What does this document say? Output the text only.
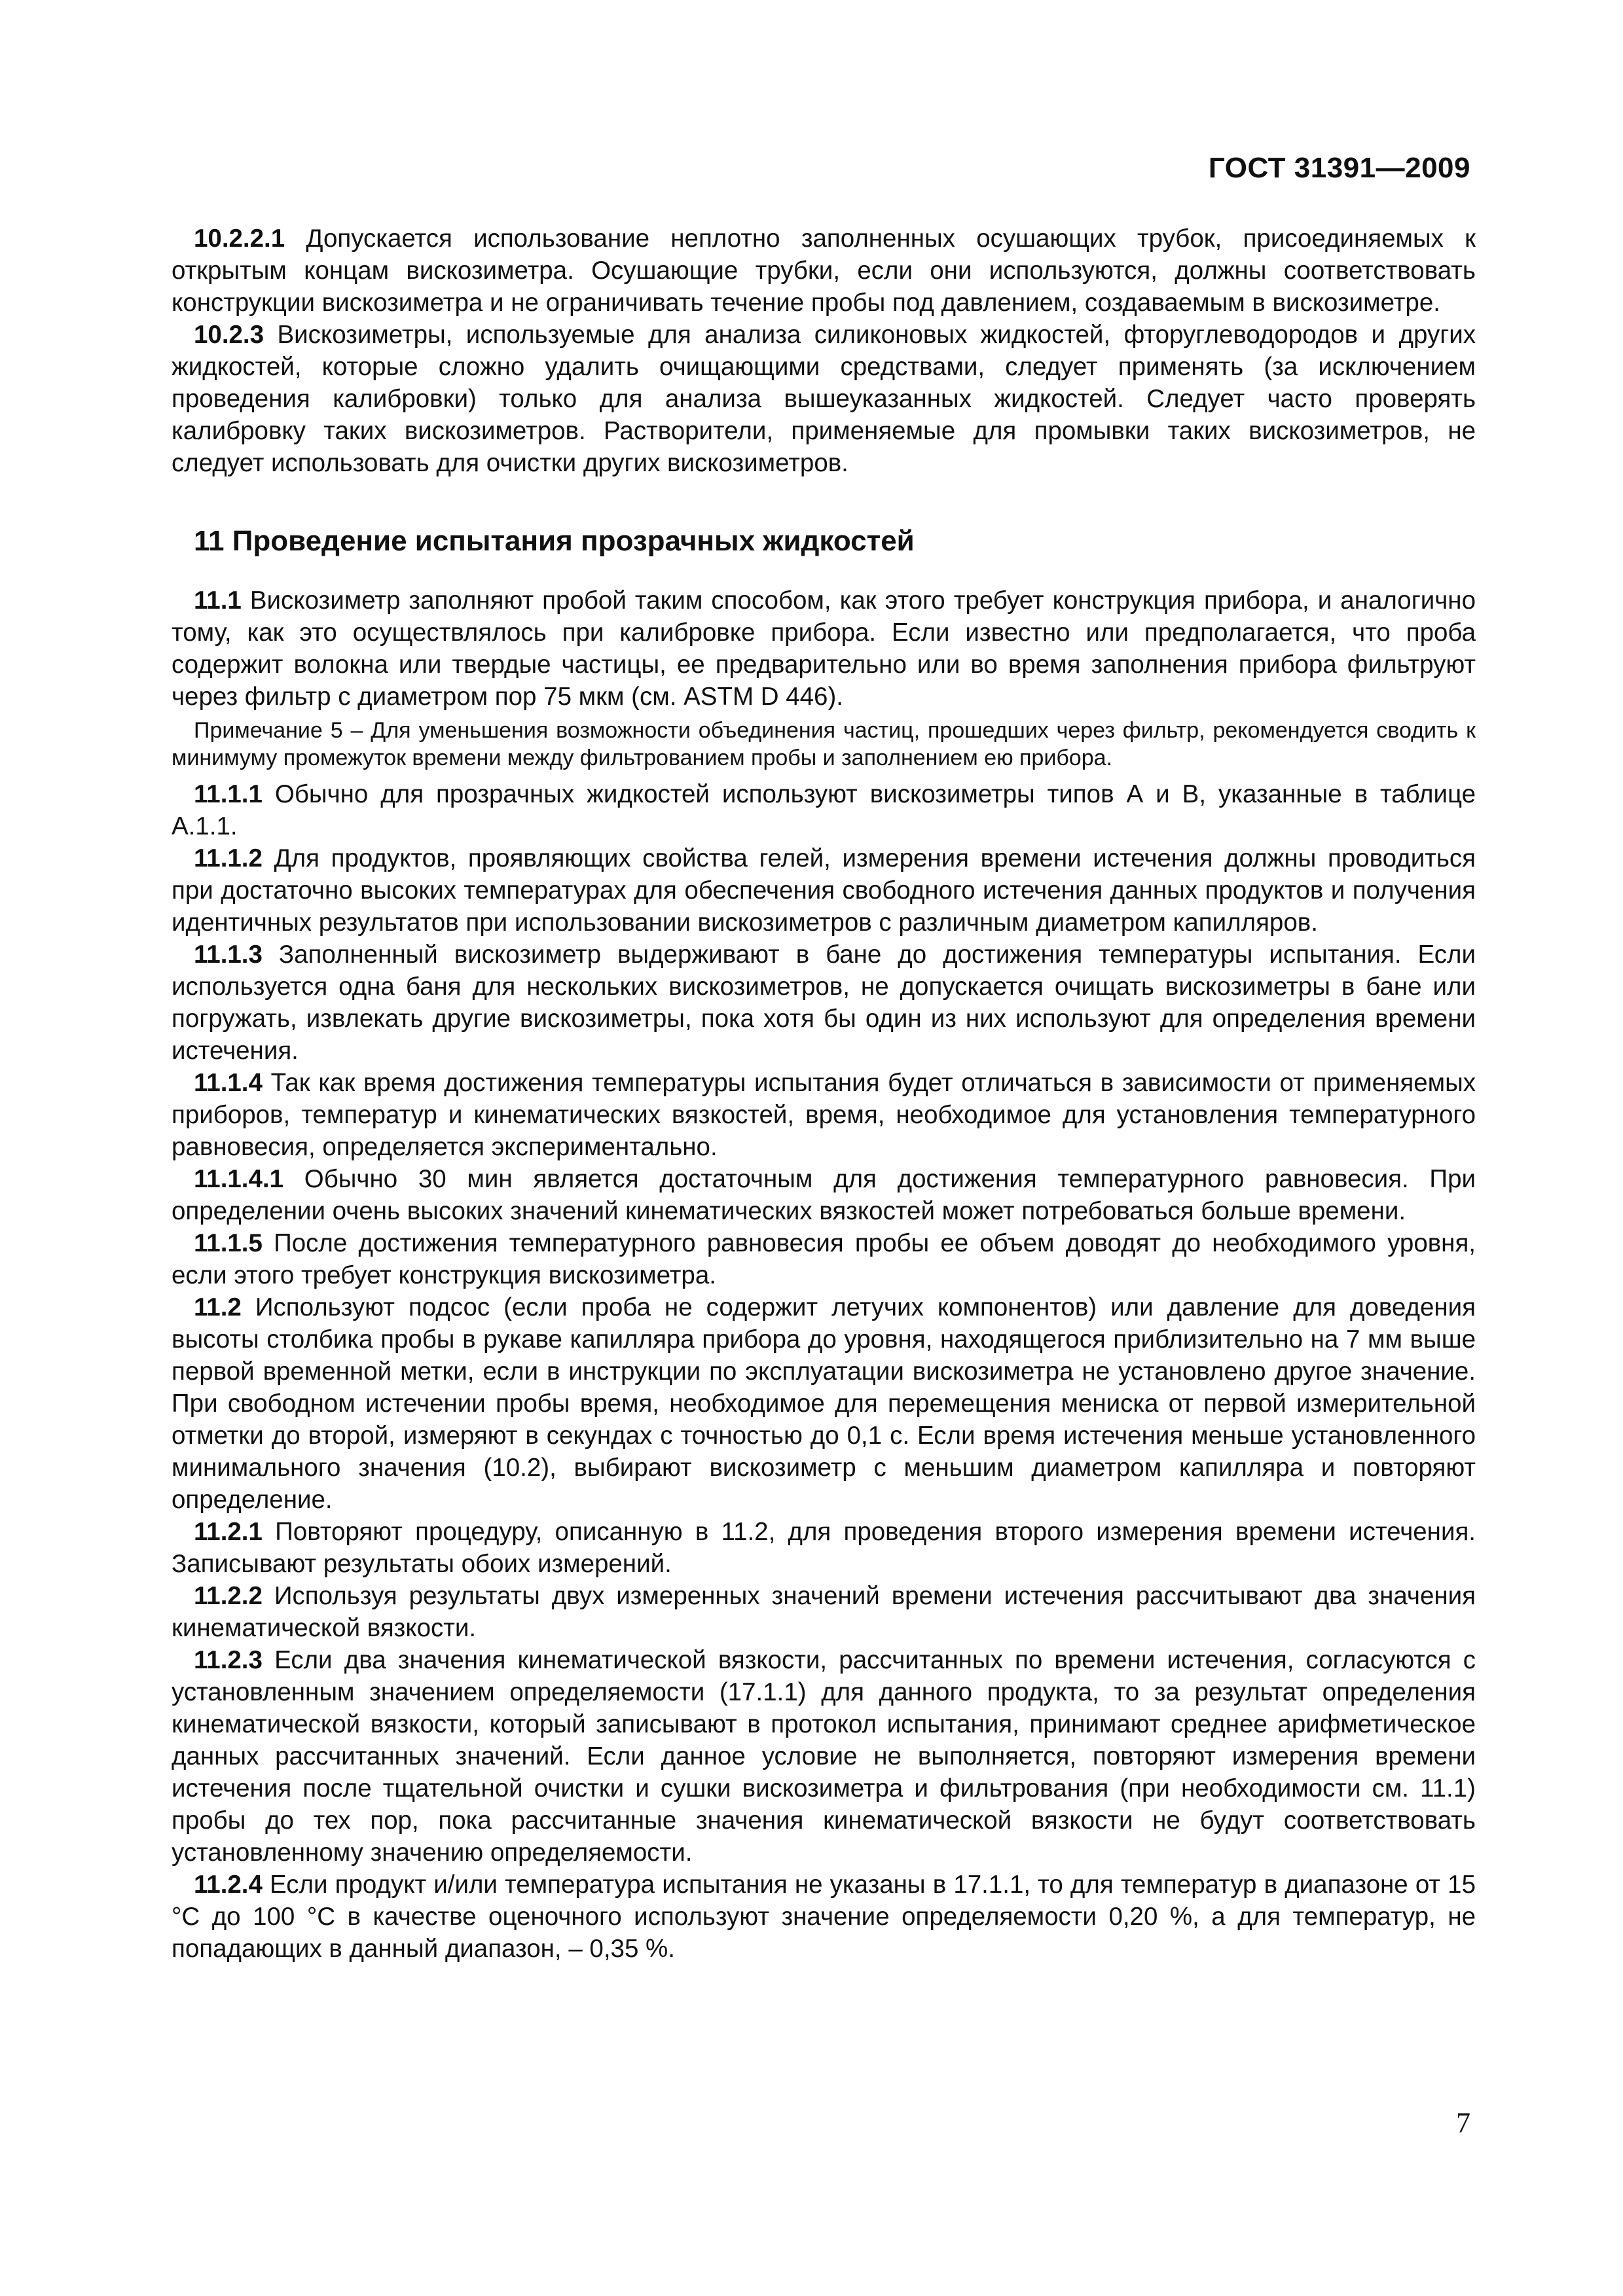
ГОСТ 31391—2009

10.2.2.1 Допускается использование неплотно заполненных осушающих трубок, присоединяемых к открытым концам вискозиметра. Осушающие трубки, если они используются, должны соответствовать конструкции вискозиметра и не ограничивать течение пробы под давлением, создаваемым в вискозиметре.

10.2.3 Вискозиметры, используемые для анализа силиконовых жидкостей, фторуглеводородов и других жидкостей, которые сложно удалить очищающими средствами, следует применять (за исключением проведения калибровки) только для анализа вышеуказанных жидкостей. Следует часто проверять калибровку таких вискозиметров. Растворители, применяемые для промывки таких вискозиметров, не следует использовать для очистки других вискозиметров.

11 Проведение испытания прозрачных жидкостей

11.1 Вискозиметр заполняют пробой таким способом, как этого требует конструкция прибора, и аналогично тому, как это осуществлялось при калибровке прибора. Если известно или предполагается, что проба содержит волокна или твердые частицы, ее предварительно или во время заполнения прибора фильтруют через фильтр с диаметром пор 75 мкм (см. ASTM D 446).

Примечание 5 – Для уменьшения возможности объединения частиц, прошедших через фильтр, рекомендуется сводить к минимуму промежуток времени между фильтрованием пробы и заполнением ею прибора.

11.1.1 Обычно для прозрачных жидкостей используют вискозиметры типов А и В, указанные в таблице А.1.1.

11.1.2 Для продуктов, проявляющих свойства гелей, измерения времени истечения должны проводиться при достаточно высоких температурах для обеспечения свободного истечения данных продуктов и получения идентичных результатов при использовании вискозиметров с различным диаметром капилляров.

11.1.3 Заполненный вискозиметр выдерживают в бане до достижения температуры испытания. Если используется одна баня для нескольких вискозиметров, не допускается очищать вискозиметры в бане или погружать, извлекать другие вискозиметры, пока хотя бы один из них используют для определения времени истечения.

11.1.4 Так как время достижения температуры испытания будет отличаться в зависимости от применяемых приборов, температур и кинематических вязкостей, время, необходимое для установления температурного равновесия, определяется экспериментально.

11.1.4.1 Обычно 30 мин является достаточным для достижения температурного равновесия. При определении очень высоких значений кинематических вязкостей может потребоваться больше времени.

11.1.5 После достижения температурного равновесия пробы ее объем доводят до необходимого уровня, если этого требует конструкция вискозиметра.

11.2 Используют подсос (если проба не содержит летучих компонентов) или давление для доведения высоты столбика пробы в рукаве капилляра прибора до уровня, находящегося приблизительно на 7 мм выше первой временной метки, если в инструкции по эксплуатации вискозиметра не установлено другое значение. При свободном истечении пробы время, необходимое для перемещения мениска от первой измерительной отметки до второй, измеряют в секундах с точностью до 0,1 с. Если время истечения меньше установленного минимального значения (10.2), выбирают вискозиметр с меньшим диаметром капилляра и повторяют определение.

11.2.1 Повторяют процедуру, описанную в 11.2, для проведения второго измерения времени истечения. Записывают результаты обоих измерений.

11.2.2 Используя результаты двух измеренных значений времени истечения рассчитывают два значения кинематической вязкости.

11.2.3 Если два значения кинематической вязкости, рассчитанных по времени истечения, согласуются с установленным значением определяемости (17.1.1) для данного продукта, то за результат определения кинематической вязкости, который записывают в протокол испытания, принимают среднее арифметическое данных рассчитанных значений. Если данное условие не выполняется, повторяют измерения времени истечения после тщательной очистки и сушки вискозиметра и фильтрования (при необходимости см. 11.1) пробы до тех пор, пока рассчитанные значения кинематической вязкости не будут соответствовать установленному значению определяемости.

11.2.4 Если продукт и/или температура испытания не указаны в 17.1.1, то для температур в диапазоне от 15 °С до 100 °С в качестве оценочного используют значение определяемости 0,20 %, а для температур, не попадающих в данный диапазон, – 0,35 %.

7
